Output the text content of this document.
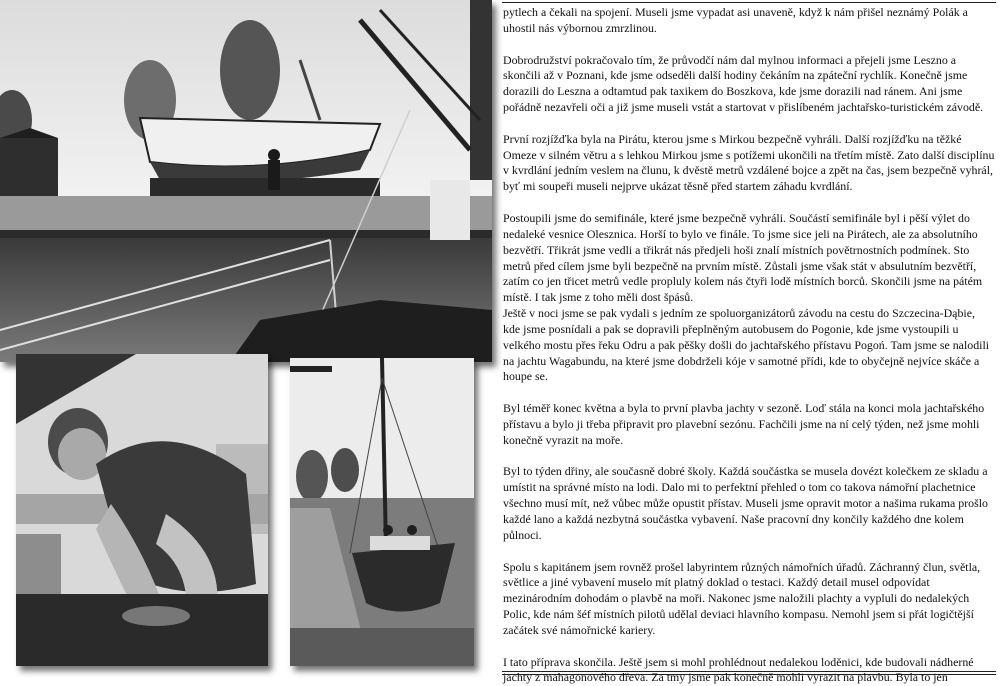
pytlech a čekali na spojení. Museli jsme vypadat asi unaveně, když k nám přišel neznámý Polák a uhostil nás výbornou zmrzlinou.

Dobrodružství pokračovalo tím, že průvodčí nám dal mylnou informaci a přejeli jsme Leszno a skončili až v Poznani, kde jsme odseděli další hodiny čekáním na zpáteční rychlík. Konečně jsme dorazili do Leszna a odtamtud pak taxikem do Boszkova, kde jsme dorazili nad ránem. Ani jsme pořádně nezavřeli oči a již jsme museli vstát a startovat v přislíbeném jachtařsko-turistickém závodě.

První rozjížďka byla na Pirátu, kterou jsme s Mirkou bezpečně vyhráli. Další rozjížďku na těžké Omeze v silném větru a s lehkou Mirkou jsme s potížemi ukončili na třetím místě. Zato další disciplínu v kvrdlání jedním veslem na člunu, k dvěstě metrů vzdálené bojce a zpět na čas, jsem bezpečně vyhrál, byť mi soupeři museli nejprve ukázat těsně před startem záhadu kvrdlání.

Postoupili jsme do semifinále, které jsme bezpečně vyhráli. Součástí semifinále byl i pěší výlet do nedaleké vesnice Olesznica. Horší to bylo ve finále. To jsme sice jeli na Pirátech, ale za absolutního bezvětří. Třikrát jsme vedli a třikrát nás předjeli hoši znalí místních povětrnostních podmínek. Sto metrů před cílem jsme byli bezpečně na prvním místě. Zůstali jsme však stát v absulutním bezvětří, zatím co jen třicet metrů vedle propluly kolem nás čtyři lodě místních borců. Skončili jsme na pátém místě. I tak jsme z toho měli dost špásů.

Ještě v noci jsme se pak vydali s jedním ze spoluorganizátorů závodu na cestu do Szczecina-Dąbie, kde jsme posnídali a pak se dopravili přeplněným autobusem do Pogonie, kde jsme vystoupili u velkého mostu přes řeku Odru a pak pěšky došli do jachtařského přístavu Pogoń. Tam jsme se nalodili na jachtu Wagabundu, na které jsme dobdrželi kóje v samotné přídi, kde to obyčejně nejvíce skáče a houpe se.

Byl téměř konec května a byla to první plavba jachty v sezoně. Loď stála na konci mola jachtařského přístavu a bylo ji třeba připravit pro plavební sezónu. Fachčili jsme na ní celý týden, než jsme mohli konečně vyrazit na moře.

Byl to týden dřiny, ale současně dobré školy. Každá součástka se musela dovézt kolečkem ze skladu a umístit na správné místo na lodi. Dalo mi to perfektní přehled o tom co takova námořní plachetnice všechno musí mít, než vůbec může opustit přístav. Museli jsme opravit motor a našima rukama prošlo každé lano a každá nezbytná součástka vybavení. Naše pracovní dny končily každého dne kolem půlnoci.

Spolu s kapitánem jsem rovněž prošel labyrintem různých námořních úřadů. Záchranný člun, světla, světlice a jiné vybavení muselo mít platný doklad o testaci. Každý detail musel odpovídat mezinárodním dohodám o plavbě na moři. Nakonec jsme naložili plachty a vypluli do nedalekých Polic, kde nám šéf místních pilotů udělal deviaci hlavního kompasu. Nemohl jsem si přát logičtější začátek své námořnické kariery.

I tato příprava skončila. Ještě jsem si mohl prohlédnout nedalekou loděnici, kde budovali nádherné jachty z mahagonového dřeva. Za tmy jsme pak konečně mohli vyrazit na plavbu. Byla to jen
